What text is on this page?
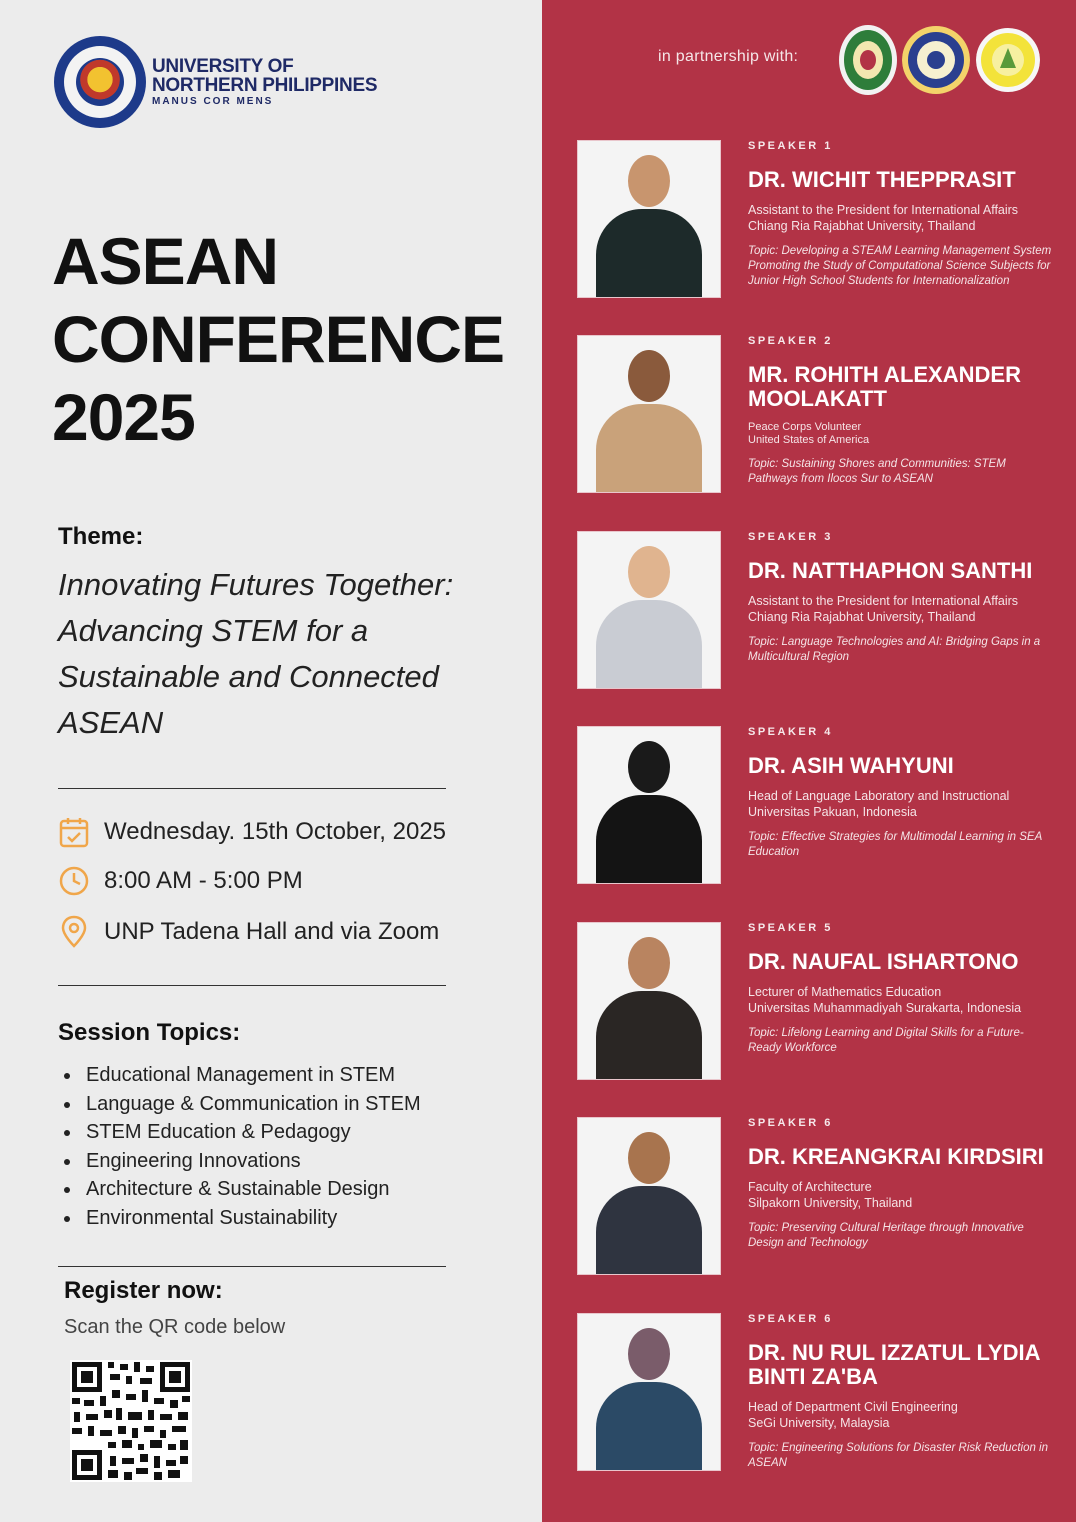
UNIVERSITY OF
NORTHERN PHILIPPINES
MANUS COR MENS
ASEAN
CONFERENCE
2025
Theme:
Innovating Futures Together: Advancing STEM for a Sustainable and Connected ASEAN
Wednesday. 15th October, 2025
8:00 AM - 5:00 PM
UNP Tadena Hall and via Zoom
Session Topics:
Educational Management in STEM
Language & Communication in STEM
STEM Education & Pedagogy
Engineering Innovations
Architecture & Sustainable Design
Environmental Sustainability
Register now:
Scan the QR code below
in partnership with:
SPEAKER 1
DR. WICHIT THEPPRASIT
Assistant to the President for International Affairs
Chiang Ria Rajabhat University, Thailand
Topic: Developing a STEAM Learning Management System Promoting the Study of Computational Science Subjects for Junior High School Students for Internationalization
SPEAKER 2
MR. ROHITH ALEXANDER MOOLAKATT
Peace Corps Volunteer
United States of America
Topic: Sustaining Shores and Communities: STEM Pathways from Ilocos Sur to ASEAN
SPEAKER 3
DR. NATTHAPHON SANTHI
Assistant to the President for International Affairs
Chiang Ria Rajabhat University, Thailand
Topic: Language Technologies and AI: Bridging Gaps in a Multicultural Region
SPEAKER 4
DR. ASIH WAHYUNI
Head of Language Laboratory and Instructional
Universitas Pakuan, Indonesia
Topic: Effective Strategies for Multimodal Learning in SEA Education
SPEAKER 5
DR. NAUFAL ISHARTONO
Lecturer of Mathematics Education
Universitas Muhammadiyah Surakarta, Indonesia
Topic: Lifelong Learning and Digital Skills for a Future-Ready Workforce
SPEAKER 6
DR. KREANGKRAI KIRDSIRI
Faculty of Architecture
Silpakorn University, Thailand
Topic: Preserving Cultural Heritage through Innovative Design and Technology
SPEAKER 6
DR. NU RUL IZZATUL LYDIA BINTI ZA'BA
Head of Department Civil Engineering
SeGi University, Malaysia
Topic: Engineering Solutions for Disaster Risk Reduction in ASEAN
